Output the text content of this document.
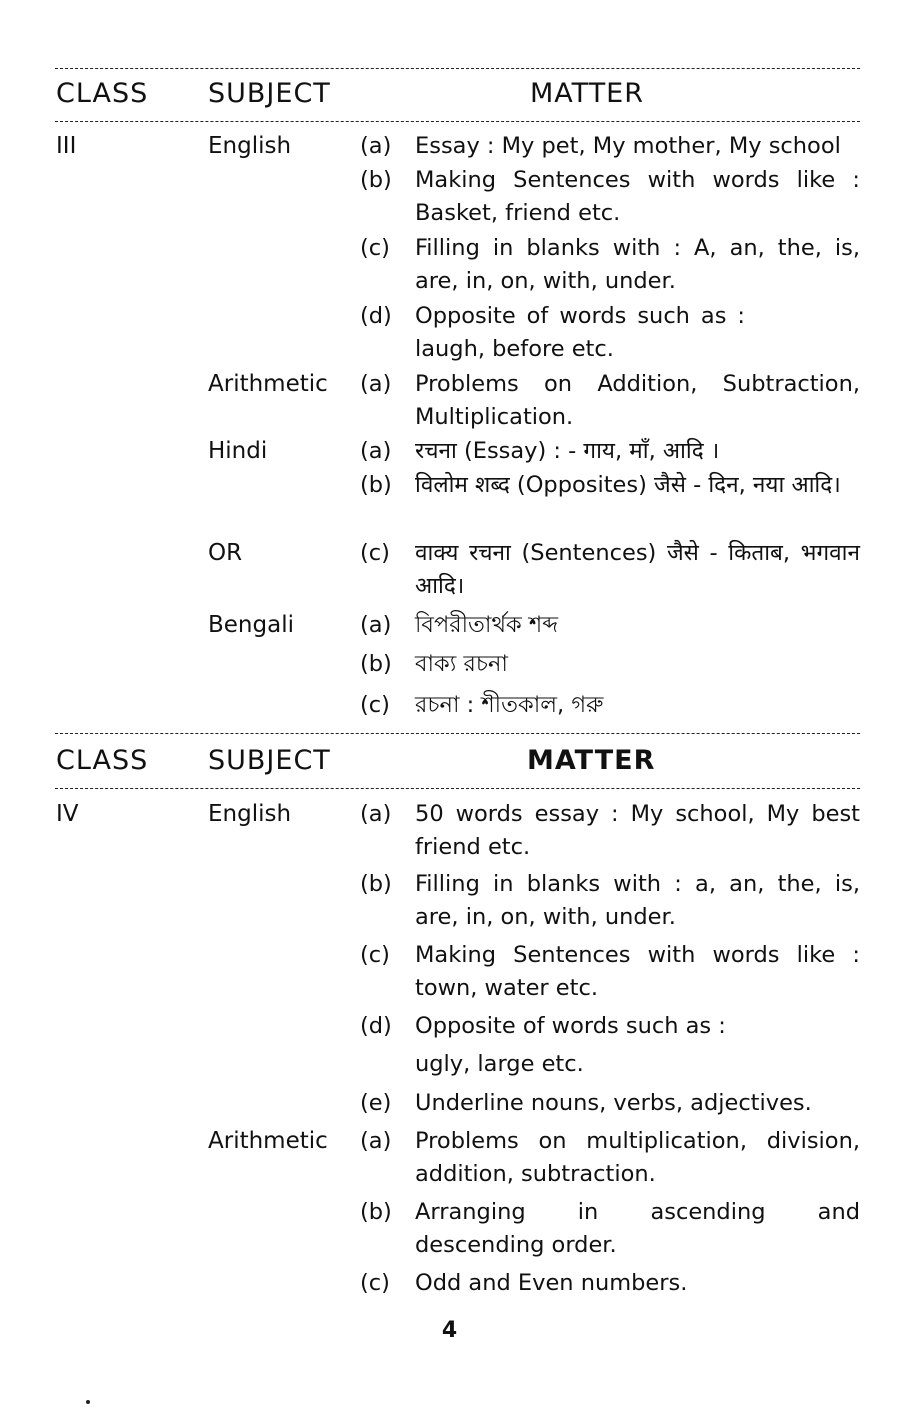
CLASS SUBJECT	MATTER
III	English	(a) Essay : My pet, My mother, My school
(b) Making Sentences with words like : Basket, friend etc.
(c) Filling in blanks with : A, an, the, is, are, in, on, with, under.
(d) Opposite of words such as : laugh, before etc.
Arithmetic (a) Problems on Addition, Subtraction, Multiplication.
Hindi	(a) रचना (Essay) : - गाय, माँ, आदि ।
(b) विलोम शब्द (Opposites) जैसे - दिन, नया आदि।
OR	(c) वाक्य रचना (Sentences) जैसे - किताब, भगवान आदि।
Bengali	(a) বিপরীতার্থক শব্দ
(b) বাক্য রচনা
(c) রচনা : শীতকাল, গরু
CLASS SUBJECT	MATTER
IV	English	(a) 50 words essay : My school, My best friend etc.
(b) Filling in blanks with : a, an, the, is, are, in, on, with, under.
(c) Making Sentences with words like : town, water etc.
(d) Opposite of words such as :
ugly, large etc.
(e) Underline nouns, verbs, adjectives.
Arithmetic (a) Problems on multiplication, division, addition, subtraction.
(b) Arranging in ascending and descending order.
(c) Odd and Even numbers.
4
